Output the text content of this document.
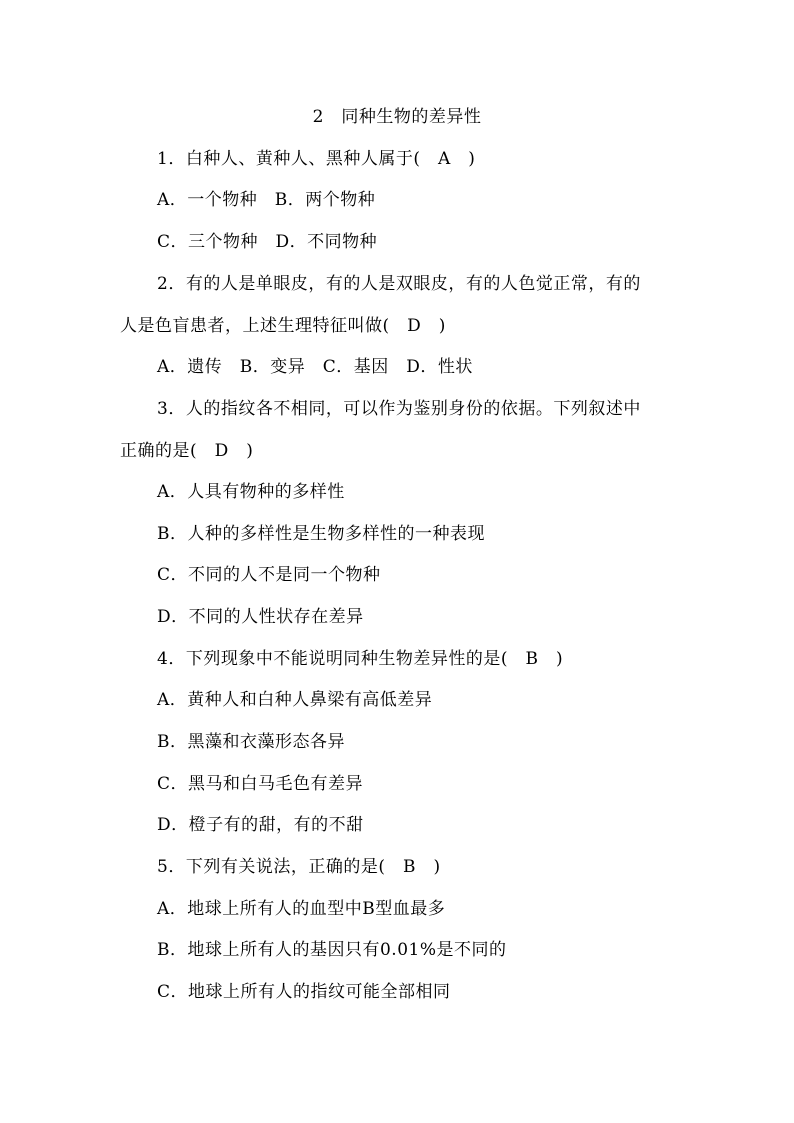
2　同种生物的差异性
1．白种人、黄种人、黑种人属于(　A　)
A．一个物种　B．两个物种
C．三个物种　D．不同物种
2．有的人是单眼皮，有的人是双眼皮，有的人色觉正常，有的
人是色盲患者，上述生理特征叫做(　D　)
A．遗传　B．变异　C．基因　D．性状
3．人的指纹各不相同，可以作为鉴别身份的依据。下列叙述中
正确的是(　D　)
A．人具有物种的多样性
B．人种的多样性是生物多样性的一种表现
C．不同的人不是同一个物种
D．不同的人性状存在差异
4．下列现象中不能说明同种生物差异性的是(　B　)
A．黄种人和白种人鼻梁有高低差异
B．黑藻和衣藻形态各异
C．黑马和白马毛色有差异
D．橙子有的甜，有的不甜
5．下列有关说法，正确的是(　B　)
A．地球上所有人的血型中B型血最多
B．地球上所有人的基因只有0.01%是不同的
C．地球上所有人的指纹可能全部相同
